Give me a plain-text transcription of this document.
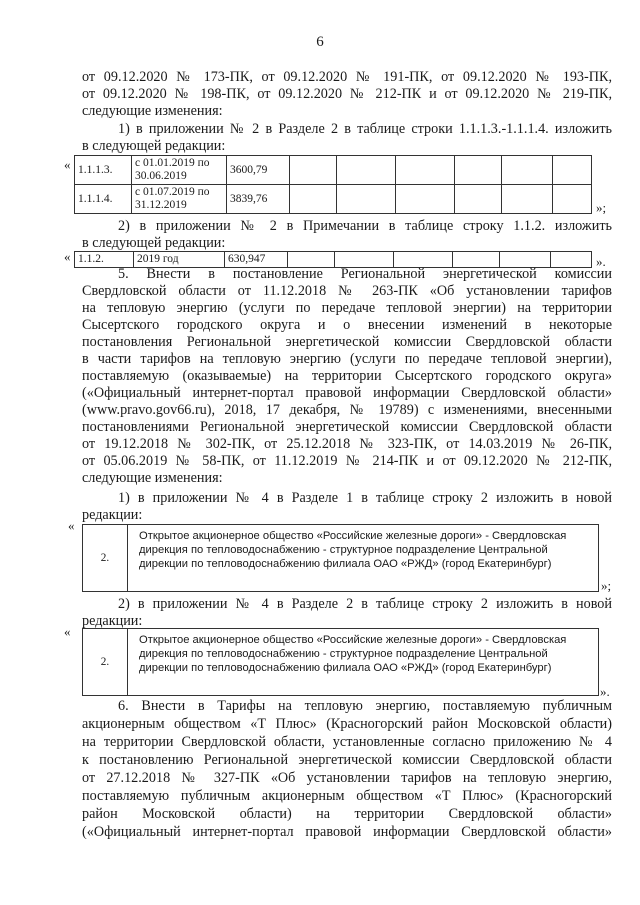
6
от 09.12.2020 № 173-ПК, от 09.12.2020 № 191-ПК, от 09.12.2020 № 193-ПК,
от 09.12.2020 № 198-ПК, от 09.12.2020 № 212-ПК и от 09.12.2020 № 219-ПК,
следующие изменения:
1) в приложении № 2 в Разделе 2 в таблице строки 1.1.1.3.-1.1.1.4. изложить
в следующей редакции:
« 1.1.1.3.	с 01.01.2019 по 30.06.2019	3600,79						
1.1.1.4.	с 01.07.2019 по 31.12.2019	3839,76						
»;
2) в приложении № 2 в Примечании в таблице строку 1.1.2. изложить
в следующей редакции:
« 1.1.2.	2019 год	630,947							».
5. Внести в постановление Региональной энергетической комиссии
Свердловской области от 11.12.2018 № 263-ПК «Об установлении тарифов
на тепловую энергию (услуги по передаче тепловой энергии) на территории
Сысертского городского округа и о внесении изменений в некоторые
постановления Региональной энергетической комиссии Свердловской области
в части тарифов на тепловую энергию (услуги по передаче тепловой энергии),
поставляемую (оказываемые) на территории Сысертского городского округа»
(«Официальный интернет-портал правовой информации Свердловской области»
(www.pravo.gov66.ru), 2018, 17 декабря, № 19789) с изменениями, внесенными
постановлениями Региональной энергетической комиссии Свердловской области
от 19.12.2018 № 302-ПК, от 25.12.2018 № 323-ПК, от 14.03.2019 № 26-ПК,
от 05.06.2019 № 58-ПК, от 11.12.2019 № 214-ПК и от 09.12.2020 № 212-ПК,
следующие изменения:
1) в приложении № 4 в Разделе 1 в таблице строку 2 изложить в новой
редакции:
«
2.
Открытое акционерное общество «Российские железные дороги» - Свердловская дирекция по тепловодоснабжению - структурное подразделение Центральной дирекции по тепловодоснабжению филиала ОАО «РЖД» (город Екатеринбург)
»;
2) в приложении № 4 в Разделе 2 в таблице строку 2 изложить в новой
редакции:
«
2.
Открытое акционерное общество «Российские железные дороги» - Свердловская дирекция по тепловодоснабжению - структурное подразделение Центральной дирекции по тепловодоснабжению филиала ОАО «РЖД» (город Екатеринбург)
».
6. Внести в Тарифы на тепловую энергию, поставляемую публичным
акционерным обществом «Т Плюс» (Красногорский район Московской области)
на территории Свердловской области, установленные согласно приложению № 4
к постановлению Региональной энергетической комиссии Свердловской области
от 27.12.2018 № 327-ПК «Об установлении тарифов на тепловую энергию,
поставляемую публичным акционерным обществом «Т Плюс» (Красногорский
район Московской области) на территории Свердловской области»
(«Официальный интернет-портал правовой информации Свердловской области»
